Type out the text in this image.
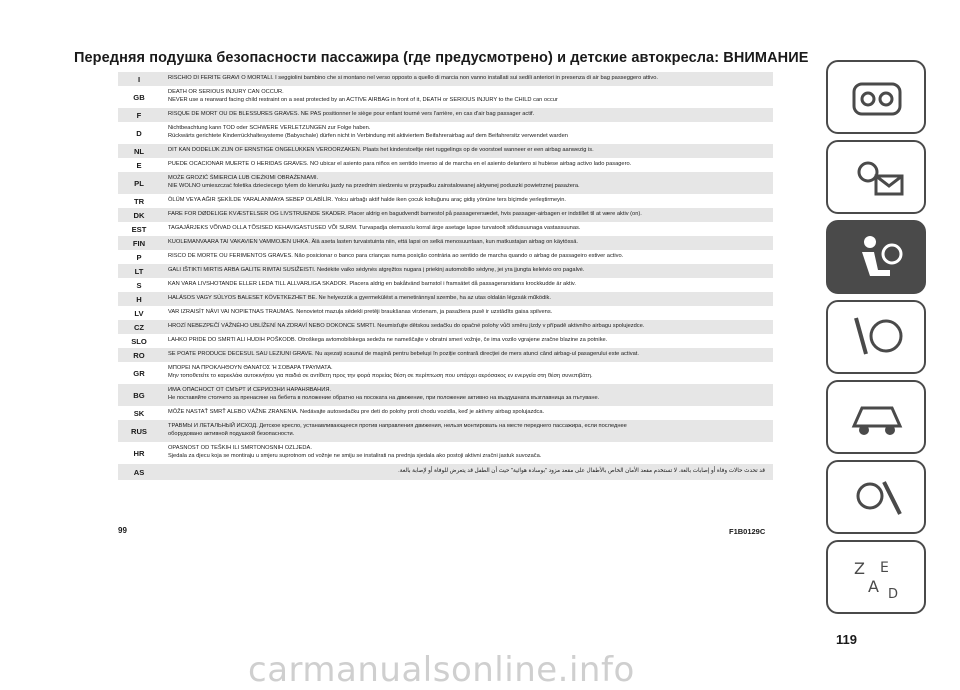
Передняя подушка безопасности пассажира (где предусмотрено) и детские автокресла: ВНИМАНИЕ
I	RISCHIO DI FERITE GRAVI O MORTALI. I seggiolini bambino che si montano nel verso opposto a quello di marcia non vanno installati sui sedili anteriori in presenza di air bag passeggero attivo.
GB	DEATH OR SERIOUS INJURY CAN OCCUR.
NEVER use a rearward facing child restraint on a seat protected by an ACTIVE AIRBAG in front of it, DEATH or SERIOUS INJURY to the CHILD can occur
F	RISQUE DE MORT OU DE BLESSURES GRAVES. NE PAS positionner le siège pour enfant tourné vers l'arrière, en cas d'air bag passager actif.
D	Nichtbeachtung kann TOD oder SCHWERE VERLETZUNGEN zur Folge haben.
Rückwärts gerichtete Kinderrückhaltesysteme (Babyschale) dürfen nicht in Verbindung mit aktiviertem Beifahrerairbag auf dem Beifahrersitz verwendet warden
NL	DIT KAN DODELIJK ZIJN OF ERNSTIGE ONGELUKKEN VEROORZAKEN. Plaats het kinderstoeltje niet ruggelings op de voorstoel wanneer er een airbag aanwezig is.
E	PUEDE OCACIONAR MUERTE O HERIDAS GRAVES. NO ubicar el asiento para niños en sentido inverso al de marcha en el asiento delantero si hubiese airbag activo lado pasagero.
PL	MOŻE GROZIĆ ŚMIERCIA LUB CIEŻKIMI OBRAŻENIAMI.
NIE WOLNO umieszczać foletika dzieciecego tylem do kierunku jazdy na przednim siedzeniu w przypadku zainstalowanej aktywnej poduszki powietrznej pasażera.
TR	ÖLÜM VEYA AĞIR ŞEKİLDE YARALANMAYA SEBEP OLABİLİR. Yolcu airbağı aktif halde iken çocuk koltuğunu araç gidiş yönüne ters biçimde yerleştirmeyin.
DK	FARE FOR DØDELIGE KVÆSTELSER OG LIVSTRUENDE SKADER. Placer aldrig en bagudvendt barnestol på passagerersædet, hvis passager-airbagen er indstillet til at være aktiv (on).
EST	TAGAJÄRJEKS VÕIVAD OLLA TÕSISED KEHAVIGASTUSED VÕI SURM. Turvapadja olemasolu korral ärge asetage lapse turvatoolt sõidusuunaga vastassuunas.
FIN	KUOLEMANVAARA TAI VAKAVIEN VAMMOJEN UHKA. Älä aseta lasten turvaistuinta niin, että lapsi on selkä menosuuntaan, kun matkustajan airbag on käytössä.
P	RISCO DE MORTE OU FERIMENTOS GRAVES. Não posicionar o banco para crianças numa posição contrária ao sentido de marcha quando o airbag de passageiro estiver activo.
LT	GALI IŠTIKTI MIRTIS ARBA GALITE RIMTAI SUSIŽEISTI. Nedėkite vaiko sėdynės atgręžtos nugara į priekinį automobilio sėdynę, jei yra įjungta keleivio oro pagalvė.
S	KAN VARA LIVSHOTANDE ELLER LEDA TILL ALLVARLIGA SKADOR. Placera aldrig en bakåtvänd barnstol i framsätet då passagerarsidans krockkudde är aktiv.
H	HALÁSOS VAGY SÚLYOS BALESET KÖVETKEZHET BE. Ne helyezzük a gyermekülést a menetiránnyal szembe, ha az utas oldalán légzsák működik.
LV	VAR IZRAISĪT NĀVI VAI NOPIETNAS TRAUMAS. Nenovietot mazuļa sēdekli pretēji braukšanas virzienam, ja pasažiera pusē ir uzstādīts gaisa spilvens.
CZ	HROZÍ NEBEZPEČÍ VÁŽNÉHO UBLÍŽENÍ NA ZDRAVÍ NEBO DOKONCE SMRTI. Neumisťujte dětskou sedačku do opačné polohy vůči směru jízdy v případě aktivního airbagu spolujezdce.
SLO	LAHKO PRIDE DO SMRTI ALI HUDIH POŠKODB. Otroškega avtomobilskega sedeža ne nameščajte v obratni smeri vožnje, če ima vozilo vgrajene zračne blazine za potnike.
RO	SE POATE PRODUCE DECESUL SAU LEZIUNI GRAVE. Nu așezați scaunul de mașină pentru bebeluși în poziție contrară direcției de mers atunci când airbag-ul pasagerului este activat.
GR	ΜΠΟΡΕΙ ΝΑ ΠΡΟΚΛΗΘΟΥΝ ΘΑΝΑΤΟΣ Ή ΣΟΒΑΡΑ ΤΡΑΥΜΑΤΑ.
Μην τοποθετείτε το καρεκλάκι αυτοκινήτου για παιδιά σε αντίθετη προς την φορά πορείας θέση σε περίπτωση που υπάρχει αερόσακος εν ενεργεία στη θέση συνεπιβάτη.
BG	ИМА ОПАСНОСТ ОТ СМЪРТ И СЕРИОЗНИ НАРАНЯВАНИЯ.
Не поставяйте столчето за пренасяне на бебета в положение обратно на посоката на движение, при положение активно на въздушната възглавница за пътуване.
SK	MÔŽE NASTAŤ SMRŤ ALEBO VÁŽNE ZRANENIA. Nedávajte autosedačku pre deti do polohy proti chodu vozidla, keď je aktívny airbag spolujazdca.
RUS	ТРАВМЫ И ЛЕТАЛЬНЫЙ ИСХОД. Детское кресло, устанавливающееся против направления движения, нельзя монтировать на месте переднего пассажира, если последнее
оборудовано активной подушкой безопасности.
HR	OPASNOST OD TEŠKIH ILI SMRTONOSNIH OZLJEDA.
Sjedala za djecu koja se montiraju u smjeru suprotnom od vožnje ne smiju se instalirati na prednja sjedala ako postoji aktivni zračni jastuk suvozača.
AS	قد تحدث حالات وفاة أو إصابات بالغة. لا تستخدم مقعد الأمان الخاص بالأطفال على مقعد مزود "بوسادة هوائية" حيث أن الطفل قد يتعرض للوفاة أو لإصابة بالغة.
99	F1B0129C
119
carmanualsonline.info
Z E
A D
